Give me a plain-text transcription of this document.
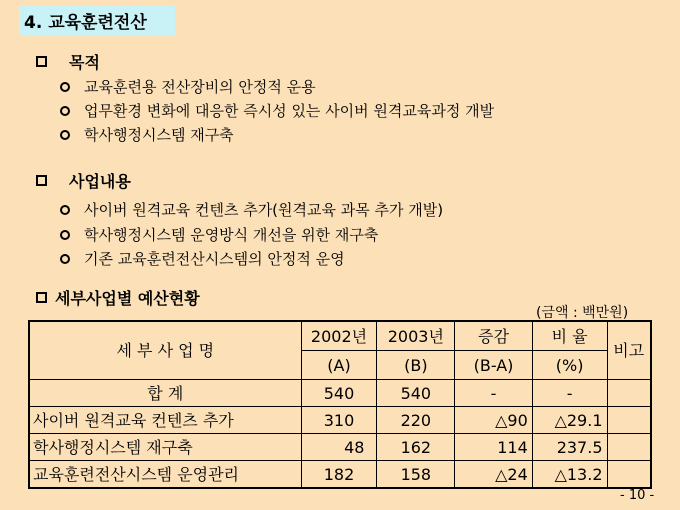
4. 교육훈련전산
목적
교육훈련용 전산장비의 안정적 운용
업무환경 변화에 대응한 즉시성 있는 사이버 원격교육과정 개발
학사행정시스템 재구축
사업내용
사이버 원격교육 컨텐츠 추가(원격교육 과목 추가 개발)
학사행정시스템 운영방식 개선을 위한 재구축
기존 교육훈련전산시스템의 안정적 운영
세부사업별 예산현황
(금액 : 백만원)
세 부 사 업 명	2002년	2003년	증감	비 율	비고
	(A)	(B)	(B-A)	(%)	
합 계	540	540	-	-	
사이버 원격교육 컨텐츠 추가	310	220	△90	△29.1	
학사행정시스템 재구축	48	162	114	237.5	
교육훈련전산시스템 운영관리	182	158	△24	△13.2	
- 10 -
